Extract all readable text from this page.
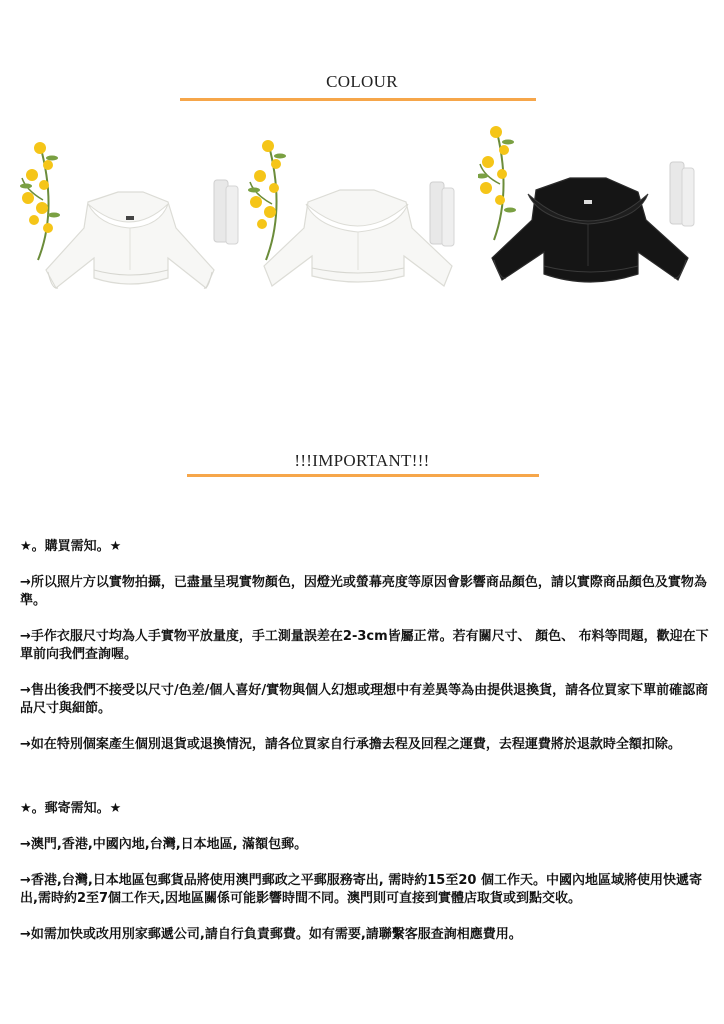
COLOUR
!!!IMPORTANT!!!

★。購買需知。★

→所以照片方以實物拍攝，已盡量呈現實物顏色，因燈光或螢幕亮度等原因會影響商品顏色，請以實際商品顏色及實物為準。

→手作衣服尺寸均為人手實物平放量度，手工測量誤差在2-3cm皆屬正常。若有關尺寸、 顏色、 布料等問題，歡迎在下單前向我們查詢喔。

→售出後我們不接受以尺寸/色差/個人喜好/實物與個人幻想或理想中有差異等為由提供退換貨，請各位買家下單前確認商品尺寸與細節。

→如在特別個案產生個別退貨或退換情況，請各位買家自行承擔去程及回程之運費，去程運費將於退款時全額扣除。

★。郵寄需知。★

→澳門,香港,中國內地,台灣,日本地區, 滿額包郵。

→香港,台灣,日本地區包郵貨品將使用澳門郵政之平郵服務寄出, 需時約15至20 個工作天。中國內地區域將使用快遞寄出,需時約2至7個工作天,因地區關係可能影響時間不同。澳門則可直接到實體店取貨或到點交收。

→如需加快或改用別家郵遞公司,請自行負責郵費。如有需要,請聯繫客服查詢相應費用。
